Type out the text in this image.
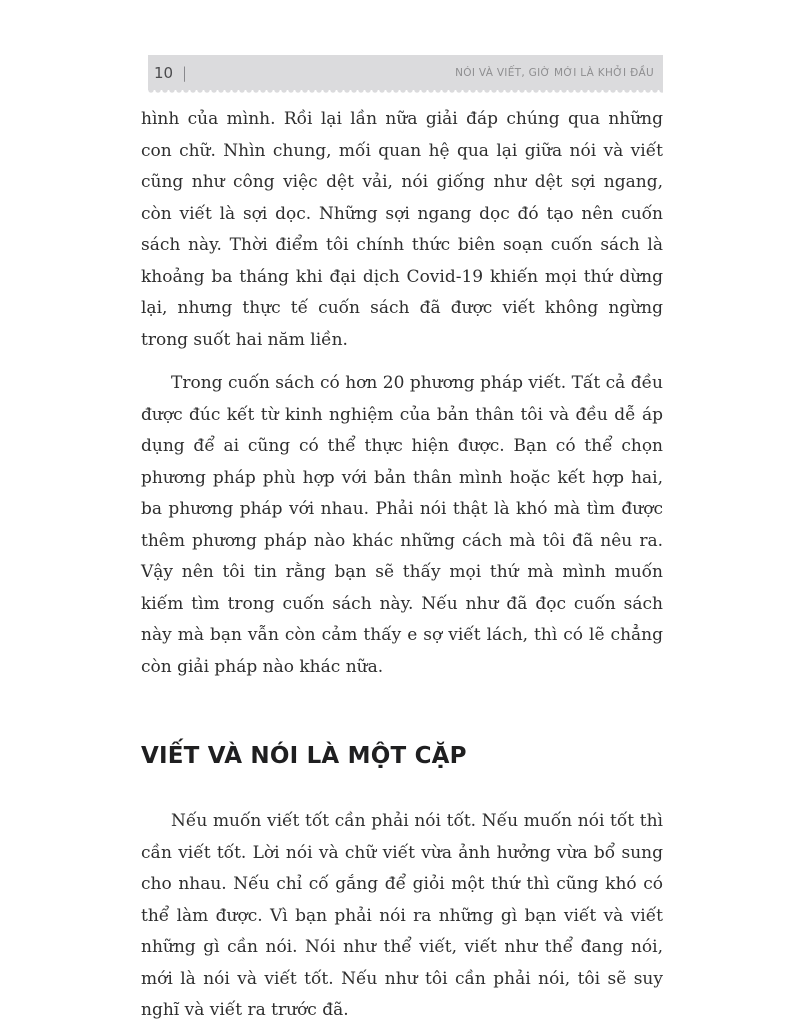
10 |	NÓI VÀ VIẾT, GIỜ MỚI LÀ KHỞI ĐẦU

hình của mình. Rồi lại lần nữa giải đáp chúng qua những con chữ. Nhìn chung, mối quan hệ qua lại giữa nói và viết cũng như công việc dệt vải, nói giống như dệt sợi ngang, còn viết là sợi dọc. Những sợi ngang dọc đó tạo nên cuốn sách này. Thời điểm tôi chính thức biên soạn cuốn sách là khoảng ba tháng khi đại dịch Covid-19 khiến mọi thứ dừng lại, nhưng thực tế cuốn sách đã được viết không ngừng trong suốt hai năm liền.

Trong cuốn sách có hơn 20 phương pháp viết. Tất cả đều được đúc kết từ kinh nghiệm của bản thân tôi và đều dễ áp dụng để ai cũng có thể thực hiện được. Bạn có thể chọn phương pháp phù hợp với bản thân mình hoặc kết hợp hai, ba phương pháp với nhau. Phải nói thật là khó mà tìm được thêm phương pháp nào khác những cách mà tôi đã nêu ra. Vậy nên tôi tin rằng bạn sẽ thấy mọi thứ mà mình muốn kiếm tìm trong cuốn sách này. Nếu như đã đọc cuốn sách này mà bạn vẫn còn cảm thấy e sợ viết lách, thì có lẽ chẳng còn giải pháp nào khác nữa.

VIẾT VÀ NÓI LÀ MỘT CẶP

Nếu muốn viết tốt cần phải nói tốt. Nếu muốn nói tốt thì cần viết tốt. Lời nói và chữ viết vừa ảnh hưởng vừa bổ sung cho nhau. Nếu chỉ cố gắng để giỏi một thứ thì cũng khó có thể làm được. Vì bạn phải nói ra những gì bạn viết và viết những gì cần nói. Nói như thể viết, viết như thể đang nói, mới là nói và viết tốt. Nếu như tôi cần phải nói, tôi sẽ suy nghĩ và viết ra trước đã.
